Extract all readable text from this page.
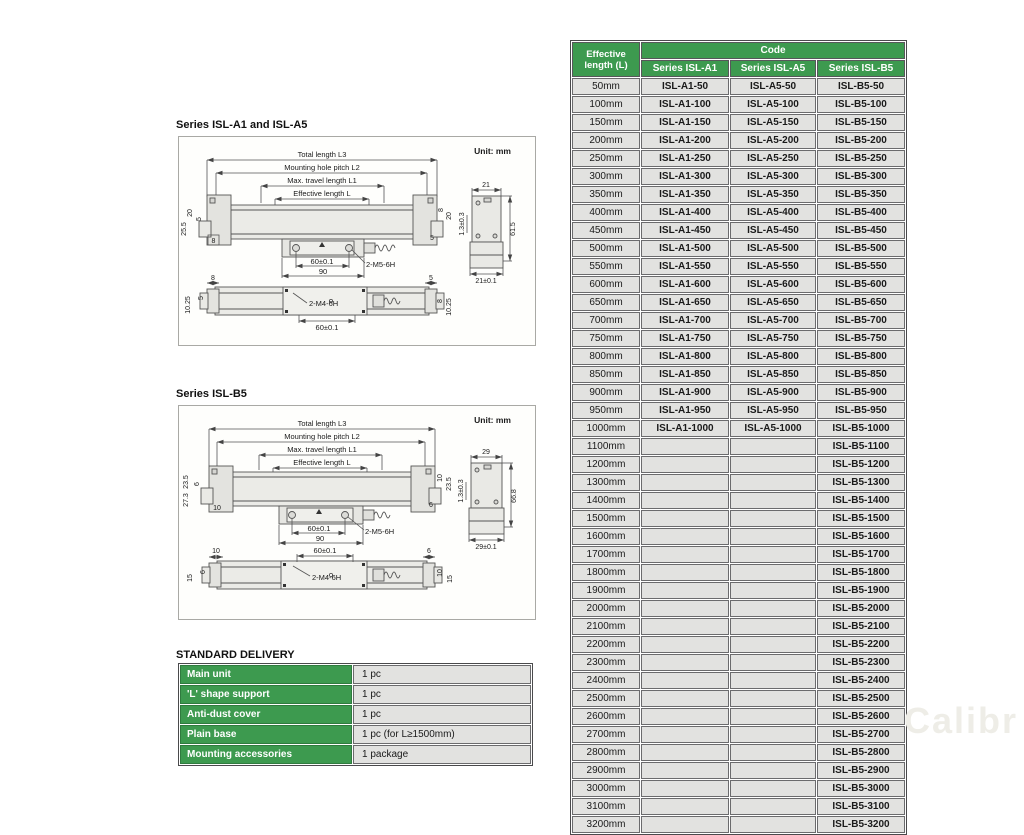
Series ISL-A1 and ISL-A5
Unit: mm
Total length L3
Mounting hole pitch L2
Max. travel length L1
Effective length L
60±0.1
90
2-M5-6H
20
5
25.5
8
8
20
5
21
61.5
1.3±0.3
21±0.1
2-M4-6H
60±0.1
8
5
10.25
5
8 10.25
Series ISL-B5
Unit: mm
Total length L3
Mounting hole pitch L2
Max. travel length L1
Effective length L
60±0.1
90
2-M5-6H
23.5 6
27.3
10
10 23.5
6
29
66.8
1.3±0.3
29±0.1
60±0.1
2-M4-6H
10
6
15
6
10
15
STANDARD DELIVERY
Main unit	1 pc
'L' shape support	1 pc
Anti-dust cover	1 pc
Plain base	1 pc (for L≥1500mm)
Mounting accessories	1 package
Effective length (L)	Code		
	Series ISL-A1	Series ISL-A5	Series ISL-B5
50mm	ISL-A1-50	ISL-A5-50	ISL-B5-50
100mm	ISL-A1-100	ISL-A5-100	ISL-B5-100
150mm	ISL-A1-150	ISL-A5-150	ISL-B5-150
200mm	ISL-A1-200	ISL-A5-200	ISL-B5-200
250mm	ISL-A1-250	ISL-A5-250	ISL-B5-250
300mm	ISL-A1-300	ISL-A5-300	ISL-B5-300
350mm	ISL-A1-350	ISL-A5-350	ISL-B5-350
400mm	ISL-A1-400	ISL-A5-400	ISL-B5-400
450mm	ISL-A1-450	ISL-A5-450	ISL-B5-450
500mm	ISL-A1-500	ISL-A5-500	ISL-B5-500
550mm	ISL-A1-550	ISL-A5-550	ISL-B5-550
600mm	ISL-A1-600	ISL-A5-600	ISL-B5-600
650mm	ISL-A1-650	ISL-A5-650	ISL-B5-650
700mm	ISL-A1-700	ISL-A5-700	ISL-B5-700
750mm	ISL-A1-750	ISL-A5-750	ISL-B5-750
800mm	ISL-A1-800	ISL-A5-800	ISL-B5-800
850mm	ISL-A1-850	ISL-A5-850	ISL-B5-850
900mm	ISL-A1-900	ISL-A5-900	ISL-B5-900
950mm	ISL-A1-950	ISL-A5-950	ISL-B5-950
1000mm	ISL-A1-1000	ISL-A5-1000	ISL-B5-1000
1100mm			ISL-B5-1100
1200mm			ISL-B5-1200
1300mm			ISL-B5-1300
1400mm			ISL-B5-1400
1500mm			ISL-B5-1500
1600mm			ISL-B5-1600
1700mm			ISL-B5-1700
1800mm			ISL-B5-1800
1900mm			ISL-B5-1900
2000mm			ISL-B5-2000
2100mm			ISL-B5-2100
2200mm			ISL-B5-2200
2300mm			ISL-B5-2300
2400mm			ISL-B5-2400
2500mm			ISL-B5-2500
2600mm			ISL-B5-2600
2700mm			ISL-B5-2700
2800mm			ISL-B5-2800
2900mm			ISL-B5-2900
3000mm			ISL-B5-3000
3100mm			ISL-B5-3100
3200mm			ISL-B5-3200
Calibr
